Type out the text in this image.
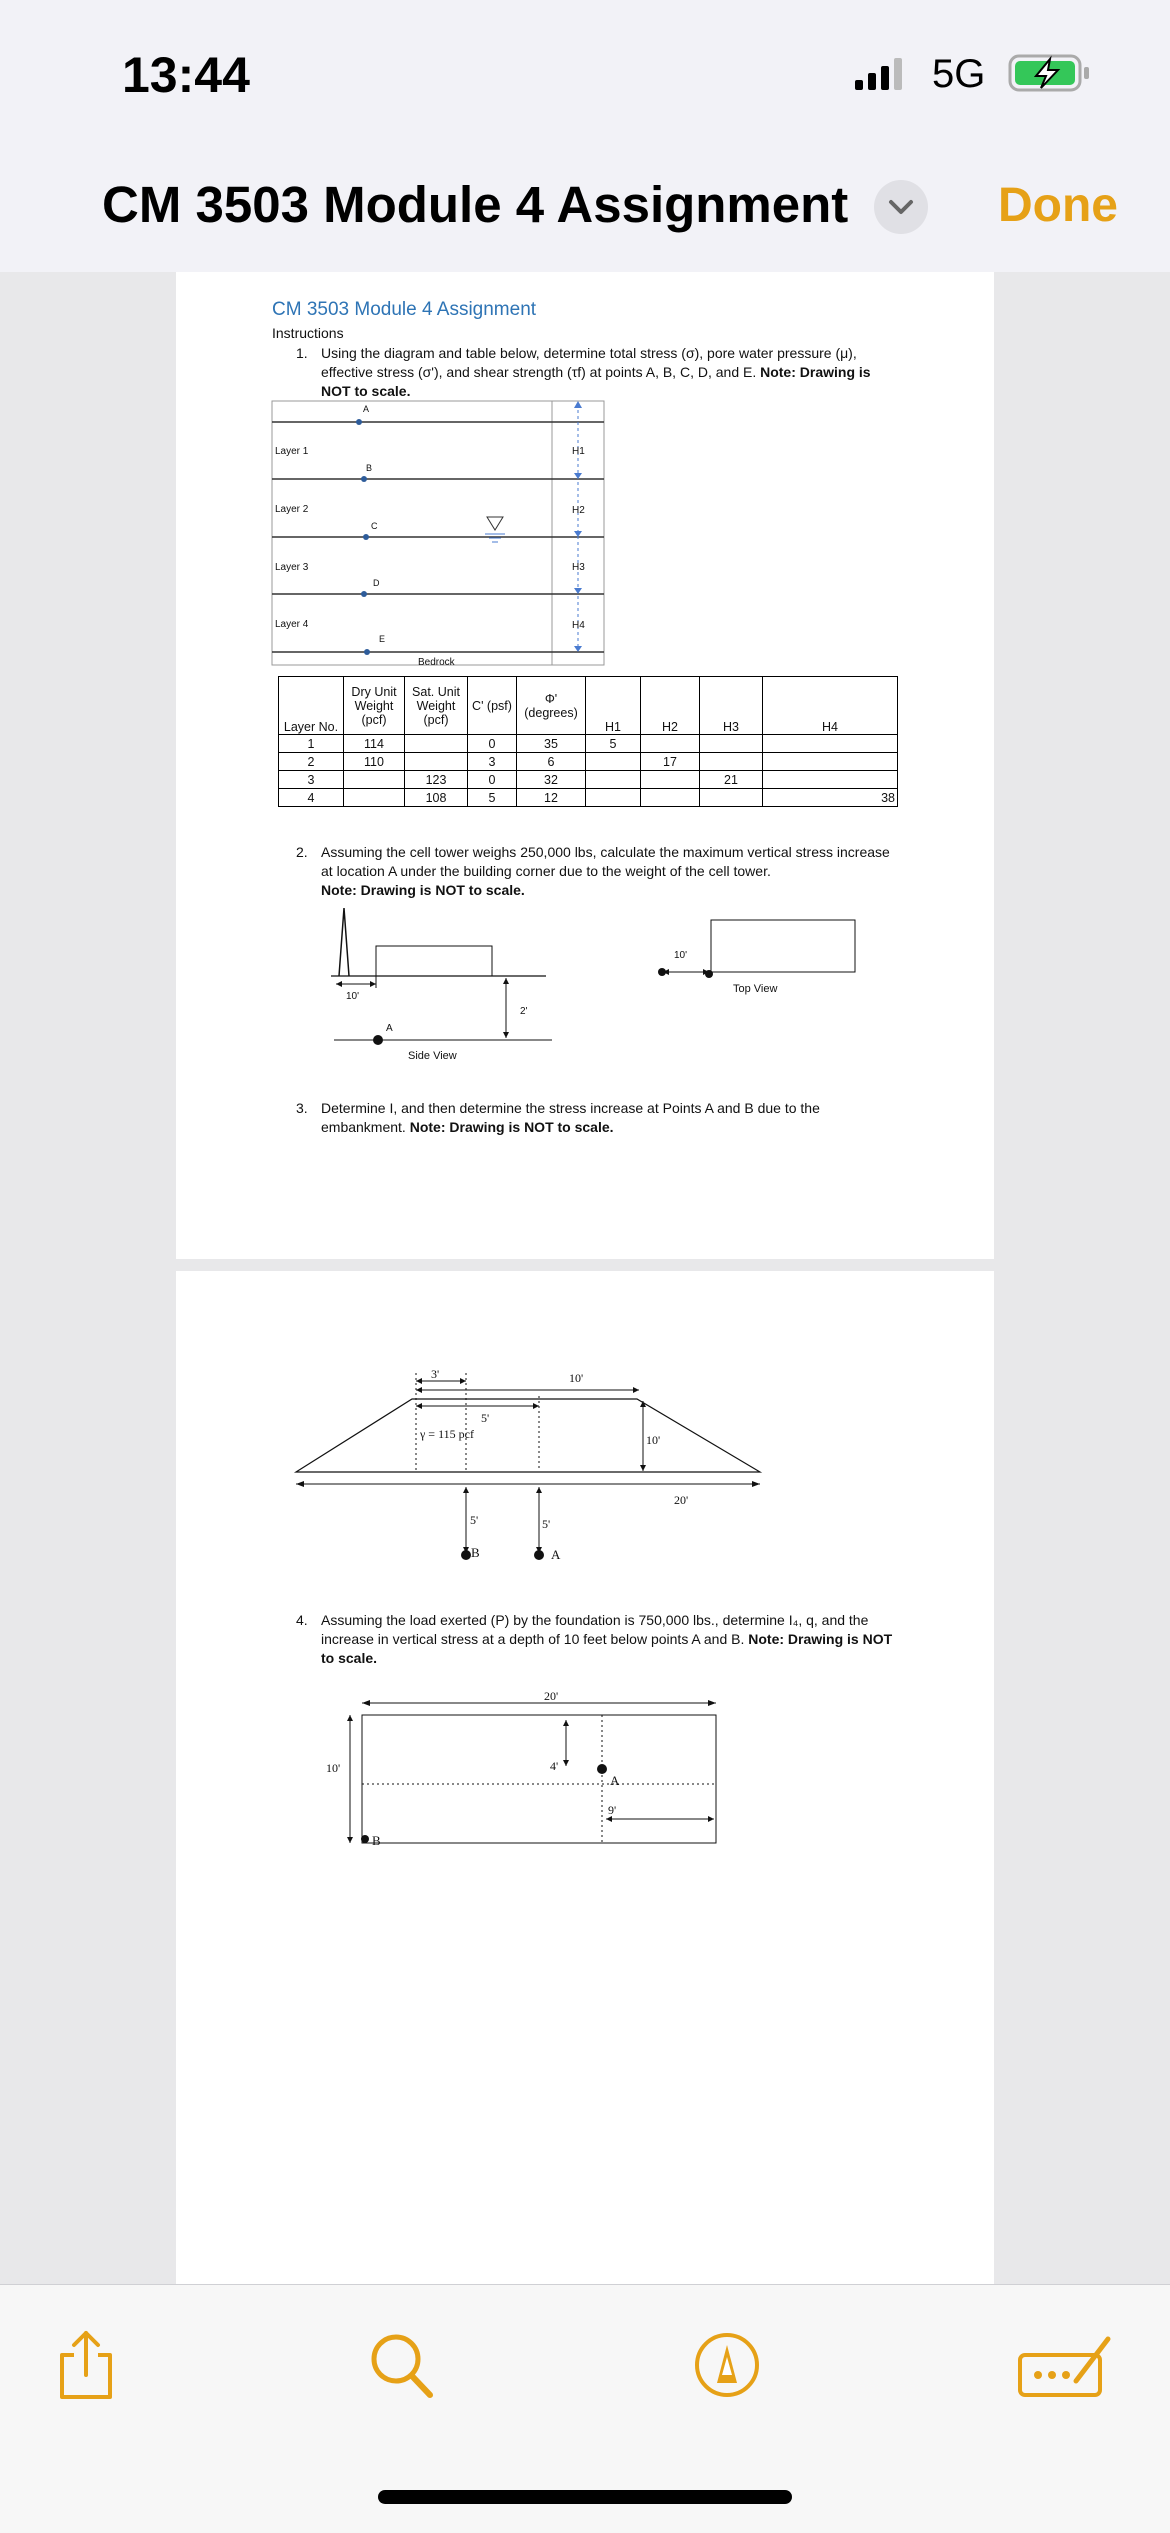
13:44	5G
CM 3503 Module 4 Assignment	Done
CM 3503 Module 4 Assignment
Instructions
1. Using the diagram and table below, determine total stress (σ), pore water pressure (μ), effective stress (σ'), and shear strength (τf) at points A, B, C, D, and E. Note: Drawing is NOT to scale.
Layer 1
Layer 2
Layer 3
Layer 4
A
B
C
D
E
H1
H2
H3
H4
Bedrock
Layer No.	Dry Unit Weight (pcf)	Sat. Unit Weight (pcf)	C' (psf)	Φ' (degrees)	H1	H2	H3	H4
1	114		0	35	5			
2	110		3	6		17		
3		123	0	32			21	
4		108	5	12				38
2. Assuming the cell tower weighs 250,000 lbs, calculate the maximum vertical stress increase at location A under the building corner due to the weight of the cell tower.
Note: Drawing is NOT to scale.
10'
2'
A
Side View
10'
Top View
3. Determine I, and then determine the stress increase at Points A and B due to the embankment. Note: Drawing is NOT to scale.
3'	10'
5'
γ = 115 pcf	10'
20'
5'	5'
B	A
4. Assuming the load exerted (P) by the foundation is 750,000 lbs., determine I₄, q, and the increase in vertical stress at a depth of 10 feet below points A and B. Note: Drawing is NOT to scale.
20'
10'	4'
9'
A
B
